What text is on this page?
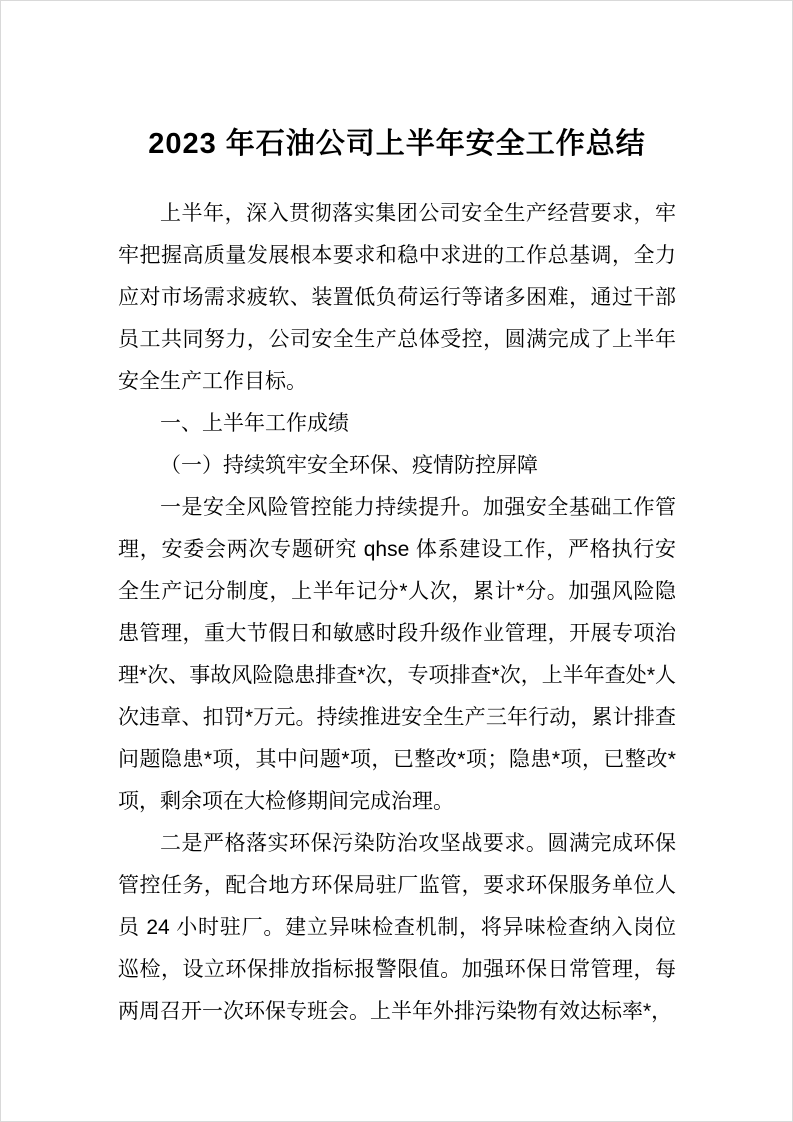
2023 年石油公司上半年安全工作总结

上半年，深入贯彻落实集团公司安全生产经营要求，牢牢把握高质量发展根本要求和稳中求进的工作总基调，全力应对市场需求疲软、装置低负荷运行等诸多困难，通过干部员工共同努力，公司安全生产总体受控，圆满完成了上半年安全生产工作目标。

一、上半年工作成绩

（一）持续筑牢安全环保、疫情防控屏障

一是安全风险管控能力持续提升。加强安全基础工作管理，安委会两次专题研究 qhse 体系建设工作，严格执行安全生产记分制度，上半年记分*人次，累计*分。加强风险隐患管理，重大节假日和敏感时段升级作业管理，开展专项治理*次、事故风险隐患排查*次，专项排查*次，上半年查处*人次违章、扣罚*万元。持续推进安全生产三年行动，累计排查问题隐患*项，其中问题*项，已整改*项；隐患*项，已整改*项，剩余项在大检修期间完成治理。

二是严格落实环保污染防治攻坚战要求。圆满完成环保管控任务，配合地方环保局驻厂监管，要求环保服务单位人员 24 小时驻厂。建立异味检查机制，将异味检查纳入岗位巡检，设立环保排放指标报警限值。加强环保日常管理，每两周召开一次环保专班会。上半年外排污染物有效达标率*，
